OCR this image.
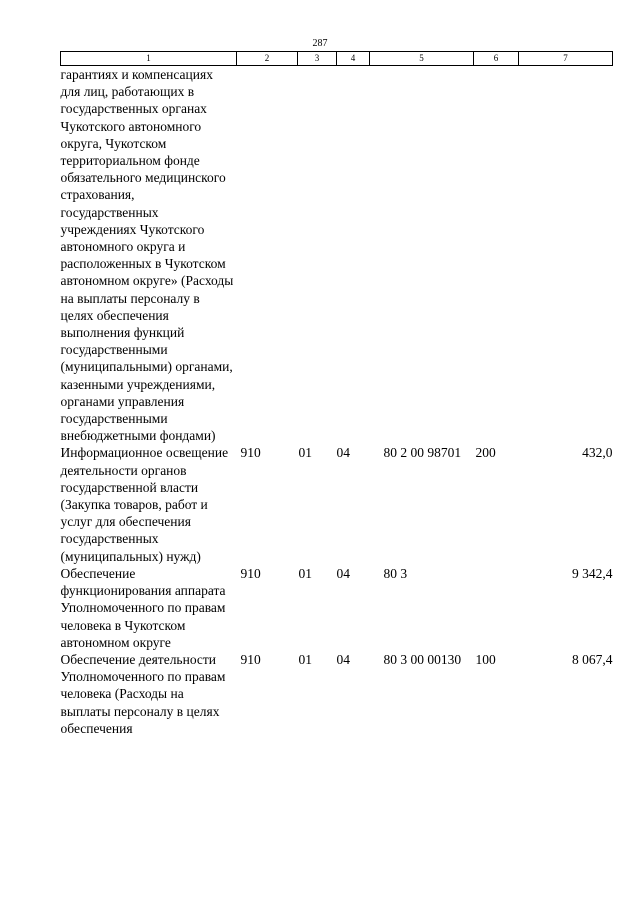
287
1	2	3	4	5	6	7
гарантиях и компенсациях для лиц, работающих в государственных органах Чукотского автономного округа, Чукотском территориальном фонде обязательного медицинского страхования, государственных учреждениях Чукотского автономного округа и расположенных в Чукотском автономном округе» (Расходы на выплаты персоналу в целях обеспечения выполнения функций государственными (муниципальными) органами, казенными учреждениями, органами управления государственными внебюджетными фондами)						
Информационное освещение деятельности органов государственной власти (Закупка товаров, работ и услуг для обеспечения государственных (муниципальных) нужд)	910	01	04	80 2 00 98701	200	432,0
Обеспечение функционирования аппарата Уполномоченного по правам человека в Чукотском автономном округе	910	01	04	80 3		9 342,4
Обеспечение деятельности Уполномоченного по правам человека (Расходы на выплаты персоналу в целях обеспечения	910	01	04	80 3 00 00130	100	8 067,4
